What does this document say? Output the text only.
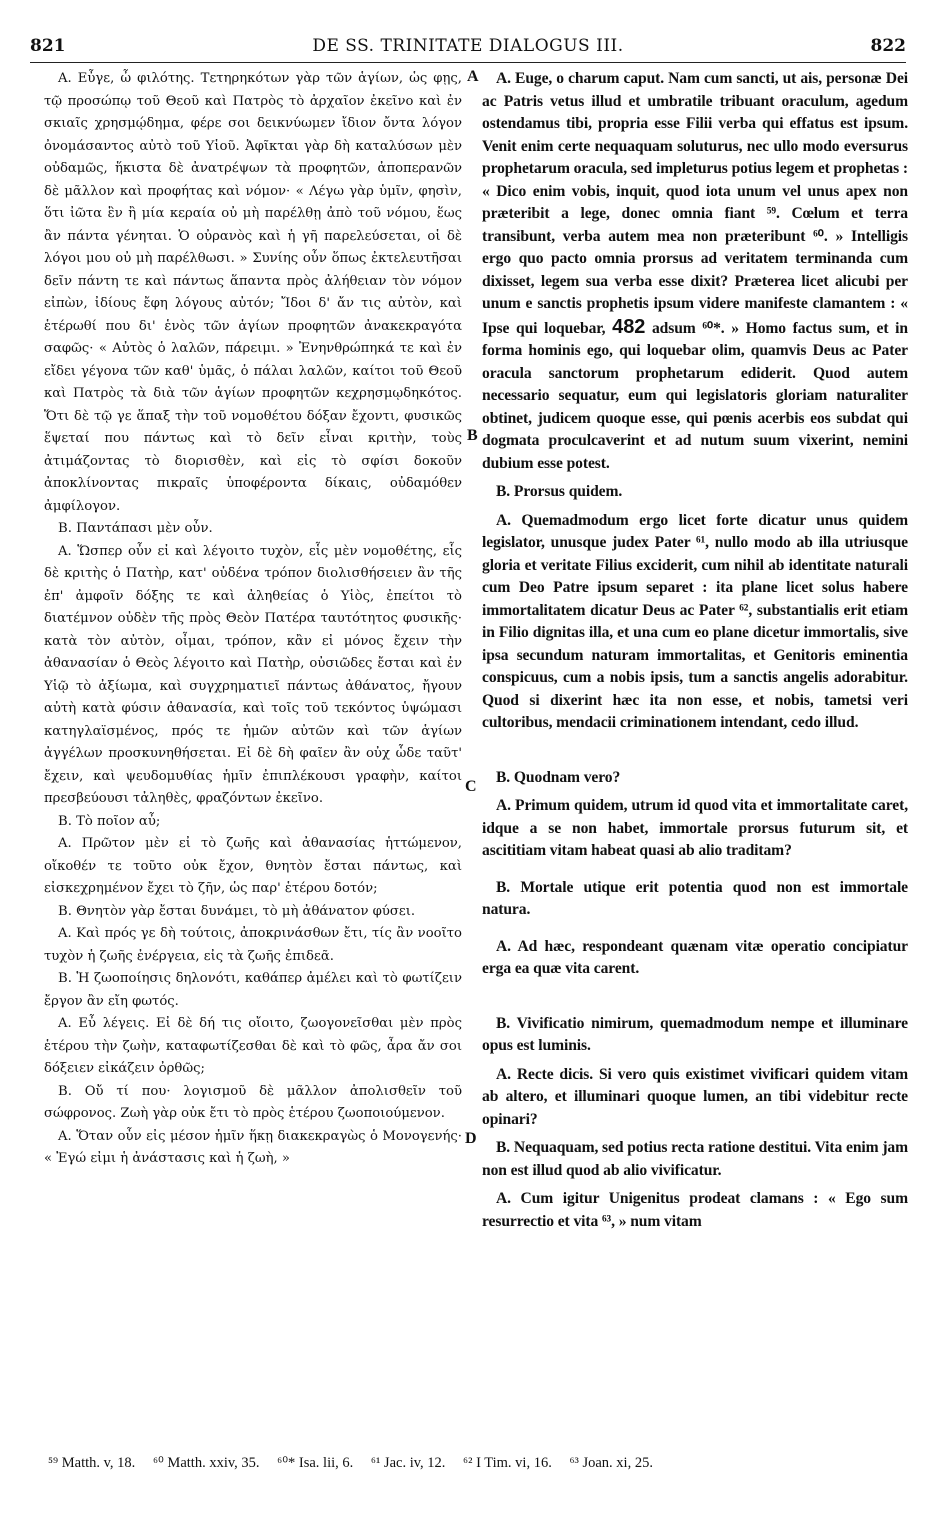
821	DE SS. TRINITATE DIALOGUS III.	822

Α. Εὖγε, ὦ φιλότης. Τετηρηκότων γὰρ τῶν ἁγίων, ὡς φῃς, τῷ προσώπῳ τοῦ Θεοῦ καὶ Πατρὸς τὸ ἀρχαῖον ἐκεῖνο καὶ ἐν σκιαῖς χρησμῴδημα, φέρε σοι δεικνύωμεν ἴδιον ὄντα λόγον ὀνομάσαντος αὐτὸ τοῦ Υἱοῦ. Ἀφῖκται γὰρ δὴ καταλύσων μὲν οὐδαμῶς, ἥκιστα δὲ ἀνατρέψων τὰ προφητῶν, ἀποπερανῶν δὲ μᾶλλον καὶ προφήτας καὶ νόμον· « Λέγω γὰρ ὑμῖν, φησὶν, ὅτι ἰῶτα ἓν ἢ μία κεραία οὐ μὴ παρέλθῃ ἀπὸ τοῦ νόμου, ἕως ἂν πάντα γένηται. Ὁ οὐρανὸς καὶ ἡ γῆ παρελεύσεται, οἱ δὲ λόγοι μου οὐ μὴ παρέλθωσι. » Συνίης οὖν ὅπως ἐκτελευτῆσαι δεῖν πάντη τε καὶ πάντως ἅπαντα πρὸς ἀλήθειαν τὸν νόμον εἰπὼν, ἰδίους ἔφη λόγους αὐτόν; Ἴδοι δ' ἄν τις αὐτὸν, καὶ ἑτέρωθί που δι' ἑνὸς τῶν ἁγίων προφητῶν ἀνακεκραγότα σαφῶς· « Αὐτὸς ὁ λαλῶν, πάρειμι. » Ἐνηνθρώπηκά τε καὶ ἐν εἴδει γέγονα τῶν καθ' ὑμᾶς, ὁ πάλαι λαλῶν, καίτοι τοῦ Θεοῦ καὶ Πατρὸς τὰ διὰ τῶν ἁγίων προφητῶν κεχρησμῳδηκότος. Ὅτι δὲ τῷ γε ἅπαξ τὴν τοῦ νομοθέτου δόξαν ἔχοντι, φυσικῶς ἕψεταί που πάντως καὶ τὸ δεῖν εἶναι κριτὴν, τοὺς ἀτιμάζοντας τὸ διορισθὲν, καὶ εἰς τὸ σφίσι δοκοῦν ἀποκλίνοντας πικραῖς ὑποφέροντα δίκαις, οὐδαμόθεν ἀμφίλογον.

Β. Παντάπασι μὲν οὖν.

Α. Ὥσπερ οὖν εἰ καὶ λέγοιτο τυχὸν, εἷς μὲν νομοθέτης, εἷς δὲ κριτὴς ὁ Πατὴρ, κατ' οὐδένα τρόπον διολισθήσειεν ἂν τῆς ἐπ' ἀμφοῖν δόξης τε καὶ ἀληθείας ὁ Υἱὸς, ἐπείτοι τὸ διατέμνον οὐδὲν τῆς πρὸς Θεὸν Πατέρα ταυτότητος φυσικῆς· κατὰ τὸν αὐτὸν, οἶμαι, τρόπον, κἂν εἰ μόνος ἔχειν τὴν ἀθανασίαν ὁ Θεὸς λέγοιτο καὶ Πατὴρ, οὐσιῶδες ἔσται καὶ ἐν Υἱῷ τὸ ἀξίωμα, καὶ συγχρηματιεῖ πάντως ἀθάνατος, ἤγουν αὐτὴ κατὰ φύσιν ἀθανασία, καὶ τοῖς τοῦ τεκόντος ὑψώμασι κατηγλαϊσμένος, πρός τε ἡμῶν αὐτῶν καὶ τῶν ἁγίων ἀγγέλων προσκυνηθήσεται. Εἰ δὲ δὴ φαῖεν ἂν οὐχ ὧδε ταῦτ' ἔχειν, καὶ ψευδομυθίας ἡμῖν ἐπιπλέκουσι γραφὴν, καίτοι πρεσβεύουσι τἀληθὲς, φραζόντων ἐκεῖνο.

Β. Τὸ ποῖον αὖ;

Α. Πρῶτον μὲν εἰ τὸ ζωῆς καὶ ἀθανασίας ἡττώμενον, οἴκοθέν τε τοῦτο οὐκ ἔχον, θνητὸν ἔσται πάντως, καὶ εἰσκεχρημένον ἔχει τὸ ζῆν, ὡς παρ' ἑτέρου δοτόν;

Β. Θνητὸν γὰρ ἔσται δυνάμει, τὸ μὴ ἀθάνατον φύσει.

Α. Καὶ πρός γε δὴ τούτοις, ἀποκρινάσθων ἔτι, τίς ἂν νοοῖτο τυχὸν ἡ ζωῆς ἐνέργεια, εἰς τὰ ζωῆς ἐπιδεᾶ.

Β. Ἡ ζωοποίησις δηλονότι, καθάπερ ἀμέλει καὶ τὸ φωτίζειν ἔργον ἂν εἴη φωτός.

Α. Εὖ λέγεις. Εἰ δὲ δή τις οἴοιτο, ζωογονεῖσθαι μὲν πρὸς ἑτέρου τὴν ζωὴν, καταφωτίζεσθαι δὲ καὶ τὸ φῶς, ἆρα ἄν σοι δόξειεν εἰκάζειν ὀρθῶς;

Β. Οὔ τί που· λογισμοῦ δὲ μᾶλλον ἀπολισθεῖν τοῦ σώφρονος. Ζωὴ γὰρ οὐκ ἔτι τὸ πρὸς ἑτέρου ζωοποιούμενον.

Α. Ὅταν οὖν εἰς μέσον ἡμῖν ἥκῃ διακεκραγὼς ὁ Μονογενής· « Ἐγώ εἰμι ἡ ἀνάστασις καὶ ἡ ζωὴ, »

A
B
C
D

A. Euge, o charum caput. Nam cum sancti, ut ais, personæ Dei ac Patris vetus illud et umbratile tribuant oraculum, agedum ostendamus tibi, propria esse Filii verba qui effatus est ipsum. Venit enim certe nequaquam soluturus, nec ullo modo eversurus prophetarum oracula, sed impleturus potius legem et prophetas : « Dico enim vobis, inquit, quod iota unum vel unus apex non præteribit a lege, donec omnia fiant ⁵⁹. Cœlum et terra transibunt, verba autem mea non præteribunt ⁶⁰. » Intelligis ergo quo pacto omnia prorsus ad veritatem terminanda cum dixisset, legem sua verba esse dixit? Præterea licet alicubi per unum e sanctis prophetis ipsum videre manifeste clamantem : « Ipse qui loquebar, 482 adsum ⁶⁰*. » Homo factus sum, et in forma hominis ego, qui loquebar olim, quamvis Deus ac Pater oracula sanctorum prophetarum ediderit. Quod autem necessario sequatur, eum qui legislatoris gloriam naturaliter obtinet, judicem quoque esse, qui pœnis acerbis eos subdat qui dogmata proculcaverint et ad nutum suum vixerint, nemini dubium esse potest.

B. Prorsus quidem.

A. Quemadmodum ergo licet forte dicatur unus quidem legislator, unusque judex Pater ⁶¹, nullo modo ab illa utriusque gloria et veritate Filius exciderit, cum nihil ab identitate naturali cum Deo Patre ipsum separet : ita plane licet solus habere immortalitatem dicatur Deus ac Pater ⁶², substantialis erit etiam in Filio dignitas illa, et una cum eo plane dicetur immortalis, sive ipsa secundum naturam immortalitas, et Genitoris eminentia conspicuus, cum a nobis ipsis, tum a sanctis angelis adorabitur. Quod si dixerint hæc ita non esse, et nobis, tametsi veri cultoribus, mendacii criminationem intendant, cedo illud.

B. Quodnam vero?

A. Primum quidem, utrum id quod vita et immortalitate caret, idque a se non habet, immortale prorsus futurum sit, et ascititiam vitam habeat quasi ab alio traditam?

B. Mortale utique erit potentia quod non est immortale natura.

A. Ad hæc, respondeant quænam vitæ operatio concipiatur erga ea quæ vita carent.

B. Vivificatio nimirum, quemadmodum nempe et illuminare opus est luminis.

A. Recte dicis. Si vero quis existimet vivificari quidem vitam ab altero, et illuminari quoque lumen, an tibi videbitur recte opinari?

B. Nequaquam, sed potius recta ratione destitui. Vita enim jam non est illud quod ab alio vivificatur.

A. Cum igitur Unigenitus prodeat clamans : « Ego sum resurrectio et vita ⁶³, » num vitam

⁵⁹ Matth. v, 18. ⁶⁰ Matth. xxiv, 35. ⁶⁰* Isa. lii, 6. ⁶¹ Jac. iv, 12. ⁶² I Tim. vi, 16. ⁶³ Joan. xi, 25.
